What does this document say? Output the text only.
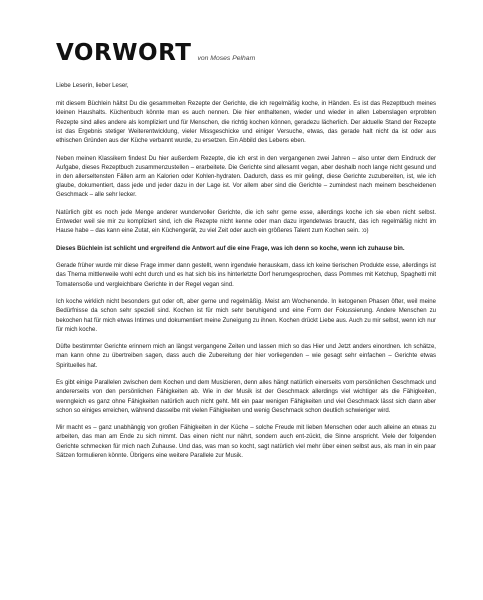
VORWORT von Moses Pelham

Liebe Leserin, lieber Leser,

mit diesem Büchlein hältst Du die gesammelten Rezepte der Gerichte, die ich regelmäßig koche, in Händen. Es ist das Rezeptbuch meines kleinen Haushalts. Küchenbuch könnte man es auch nennen. Die hier enthaltenen, wieder und wieder in allen Lebenslagen erprobten Rezepte sind alles andere als kompliziert und für Menschen, die richtig kochen können, geradezu lächerlich. Der aktuelle Stand der Rezepte ist das Ergebnis stetiger Weiterentwicklung, vieler Missgeschicke und einiger Versuche, etwas, das gerade halt nicht da ist oder aus ethischen Gründen aus der Küche verbannt wurde, zu ersetzen. Ein Abbild des Lebens eben.

Neben meinen Klassikern findest Du hier außerdem Rezepte, die ich erst in den vergangenen zwei Jahren – also unter dem Eindruck der Aufgabe, dieses Rezeptbuch zusammenzustellen – erarbeitete. Die Gerichte sind allesamt vegan, aber deshalb noch lange nicht gesund und in den allerseltensten Fällen arm an Kalorien oder Kohlen-hydraten. Dadurch, dass es mir gelingt, diese Gerichte zuzubereiten, ist, wie ich glaube, dokumentiert, dass jede und jeder dazu in der Lage ist. Vor allem aber sind die Gerichte – zumindest nach meinem bescheidenen Geschmack – alle sehr lecker.

Natürlich gibt es noch jede Menge anderer wundervoller Gerichte, die ich sehr gerne esse, allerdings koche ich sie eben nicht selbst. Entweder weil sie mir zu kompliziert sind, ich die Rezepte nicht kenne oder man dazu irgendetwas braucht, das ich regelmäßig nicht im Hause habe – das kann eine Zutat, ein Küchengerät, zu viel Zeit oder auch ein größeres Talent zum Kochen sein. :o)

Dieses Büchlein ist schlicht und ergreifend die Antwort auf die eine Frage, was ich denn so koche, wenn ich zuhause bin.

Gerade früher wurde mir diese Frage immer dann gestellt, wenn irgendwie herauskam, dass ich keine tierischen Produkte esse, allerdings ist das Thema mittlerweile wohl echt durch und es hat sich bis ins hinterletzte Dorf herumgesprochen, dass Pommes mit Ketchup, Spaghetti mit Tomatensoße und vergleichbare Gerichte in der Regel vegan sind.

Ich koche wirklich nicht besonders gut oder oft, aber gerne und regelmäßig. Meist am Wochenende. In ketogenen Phasen öfter, weil meine Bedürfnisse da schon sehr speziell sind. Kochen ist für mich sehr beruhigend und eine Form der Fokussierung. Andere Menschen zu bekochen hat für mich etwas Intimes und dokumentiert meine Zuneigung zu ihnen. Kochen drückt Liebe aus. Auch zu mir selbst, wenn ich nur für mich koche.

Düfte bestimmter Gerichte erinnern mich an längst vergangene Zeiten und lassen mich so das Hier und Jetzt anders einordnen. Ich schätze, man kann ohne zu übertreiben sagen, dass auch die Zubereitung der hier vorliegenden – wie gesagt sehr einfachen – Gerichte etwas Spirituelles hat.

Es gibt einige Parallelen zwischen dem Kochen und dem Musizieren, denn alles hängt natürlich einerseits vom persönlichen Geschmack und andererseits von den persönlichen Fähigkeiten ab. Wie in der Musik ist der Geschmack allerdings viel wichtiger als die Fähigkeiten, wenngleich es ganz ohne Fähigkeiten natürlich auch nicht geht. Mit ein paar wenigen Fähigkeiten und viel Geschmack lässt sich dann aber schon so einiges erreichen, während dasselbe mit vielen Fähigkeiten und wenig Geschmack schon deutlich schwieriger wird.

Mir macht es – ganz unabhängig von großen Fähigkeiten in der Küche – solche Freude mit lieben Menschen oder auch alleine an etwas zu arbeiten, das man am Ende zu sich nimmt. Das einen nicht nur nährt, sondern auch ent-zückt, die Sinne anspricht. Viele der folgenden Gerichte schmecken für mich nach Zuhause. Und das, was man so kocht, sagt natürlich viel mehr über einen selbst aus, als man in ein paar Sätzen formulieren könnte. Übrigens eine weitere Parallele zur Musik.
